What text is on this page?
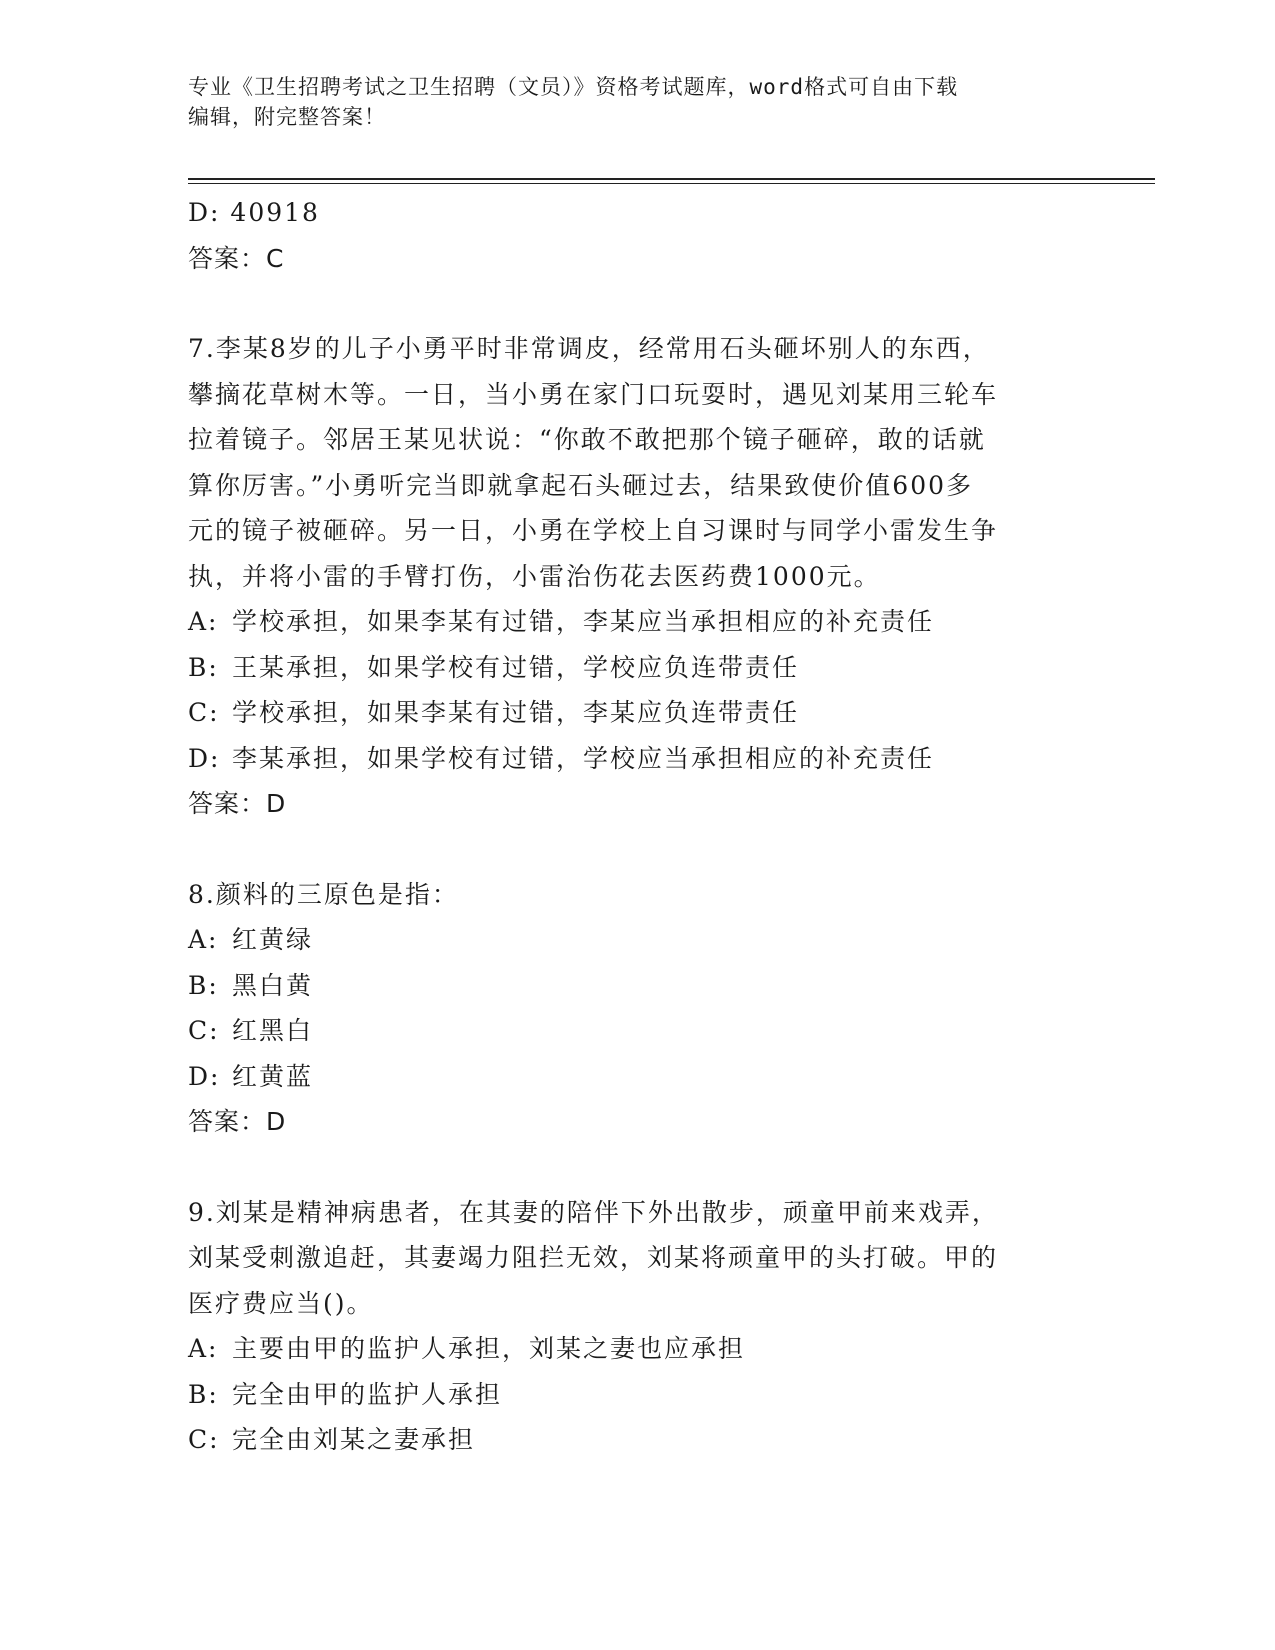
专业《卫生招聘考试之卫生招聘（文员）》资格考试题库，word格式可自由下载
编辑，附完整答案！
D: 40918
答案：C
7.李某8岁的儿子小勇平时非常调皮，经常用石头砸坏别人的东西，
攀摘花草树木等。一日，当小勇在家门口玩耍时，遇见刘某用三轮车
拉着镜子。邻居王某见状说：“你敢不敢把那个镜子砸碎，敢的话就
算你厉害。”小勇听完当即就拿起石头砸过去，结果致使价值600多
元的镜子被砸碎。另一日，小勇在学校上自习课时与同学小雷发生争
执，并将小雷的手臂打伤，小雷治伤花去医药费1000元。
A: 学校承担，如果李某有过错，李某应当承担相应的补充责任
B: 王某承担，如果学校有过错，学校应负连带责任
C: 学校承担，如果李某有过错，李某应负连带责任
D: 李某承担，如果学校有过错，学校应当承担相应的补充责任
答案：D
8.颜料的三原色是指：
A: 红黄绿
B: 黑白黄
C: 红黑白
D: 红黄蓝
答案：D
9.刘某是精神病患者，在其妻的陪伴下外出散步，顽童甲前来戏弄，
刘某受刺激追赶，其妻竭力阻拦无效，刘某将顽童甲的头打破。甲的
医疗费应当()。
A: 主要由甲的监护人承担，刘某之妻也应承担
B: 完全由甲的监护人承担
C: 完全由刘某之妻承担
